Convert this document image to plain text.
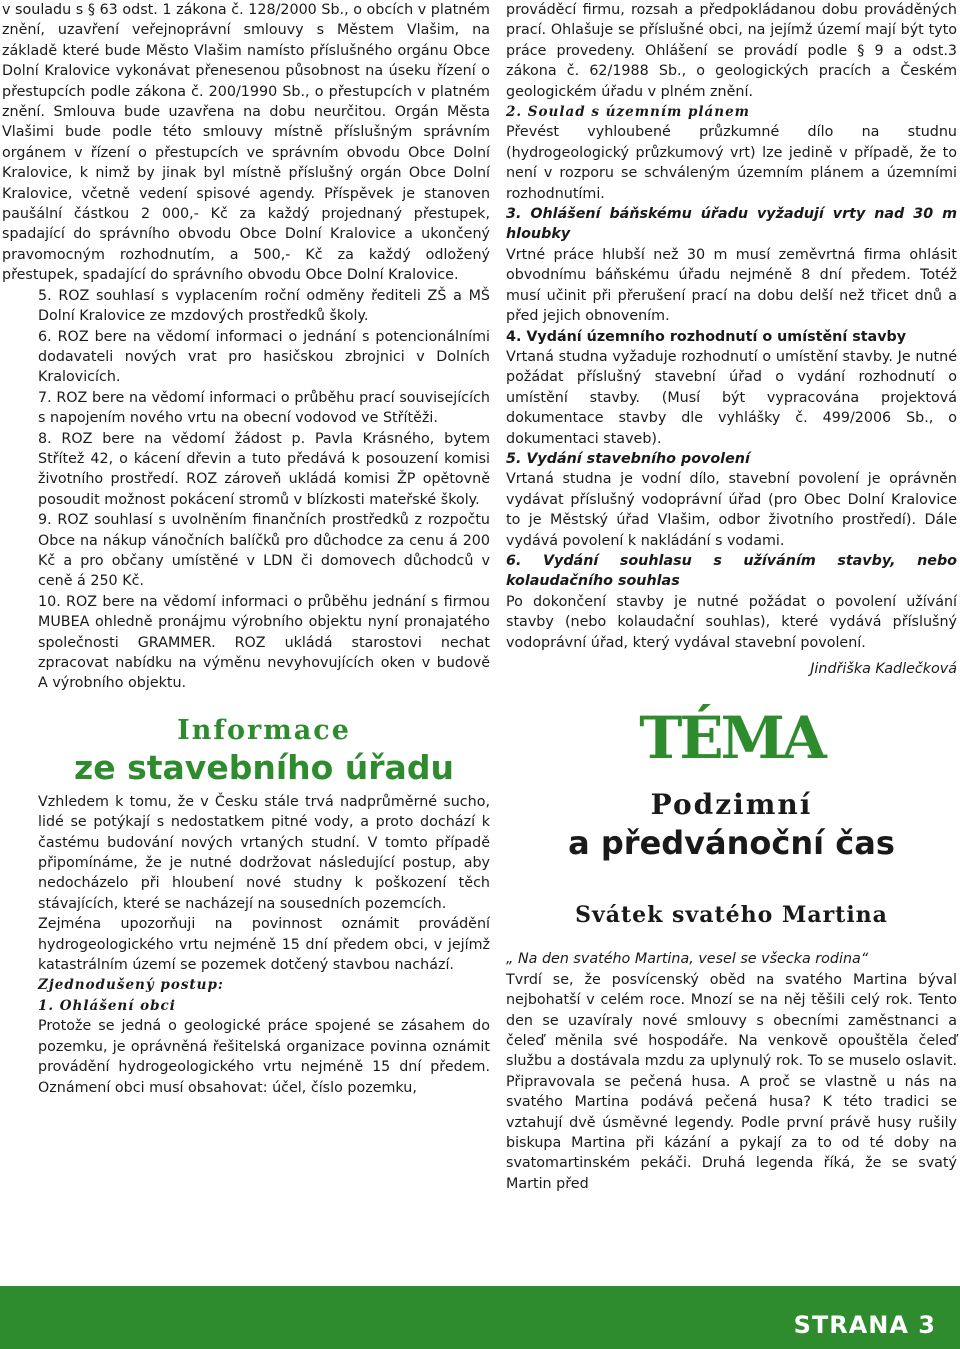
v souladu s § 63 odst. 1 zákona č. 128/2000 Sb., o obcích v platném znění, uzavření veřejnoprávní smlouvy s Městem Vlašim, na základě které bude Město Vlašim namísto příslušného orgánu Obce Dolní Kralovice vykonávat přenesenou působnost na úseku řízení o přestupcích podle zákona č. 200/1990 Sb., o přestupcích v platném znění. Smlouva bude uzavřena na dobu neurčitou. Orgán Města Vlašimi bude podle této smlouvy místně příslušným správním orgánem v řízení o přestupcích ve správním obvodu Obce Dolní Kralovice, k nimž by jinak byl místně příslušný orgán Obce Dolní Kralovice, včetně vedení spisové agendy. Příspěvek je stanoven paušální částkou 2 000,- Kč za každý projednaný přestupek, spadající do správního obvodu Obce Dolní Kralovice a ukončený pravomocným rozhodnutím, a 500,- Kč za každý odložený přestupek, spadající do správního obvodu Obce Dolní Kralovice.

5. ROZ souhlasí s vyplacením roční odměny řediteli ZŠ a MŠ Dolní Kralovice ze mzdových prostředků školy.

6. ROZ bere na vědomí informaci o jednání s potencionálními dodavateli nových vrat pro hasičskou zbrojnici v Dolních Kralovicích.

7. ROZ bere na vědomí informaci o průběhu prací souvisejících s napojením nového vrtu na obecní vodovod ve Střítěži.

8. ROZ bere na vědomí žádost p. Pavla Krásného, bytem Střítež 42, o kácení dřevin a tuto předává k posouzení komisi životního prostředí. ROZ zároveň ukládá komisi ŽP opětovně posoudit možnost pokácení stromů v blízkosti mateřské školy.

9. ROZ souhlasí s uvolněním finančních prostředků z rozpočtu Obce na nákup vánočních balíčků pro důchodce za cenu á 200 Kč a pro občany umístěné v LDN či domovech důchodců v ceně á 250 Kč.

10. ROZ bere na vědomí informaci o průběhu jednání s firmou MUBEA ohledně pronájmu výrobního objektu nyní pronajatého společnosti GRAMMER. ROZ ukládá starostovi nechat zpracovat nabídku na výměnu nevyhovujících oken v budově A výrobního objektu.

Informace
ze stavebního úřadu

Vzhledem k tomu, že v Česku stále trvá nadprůměrné sucho, lidé se potýkají s nedostatkem pitné vody, a proto dochází k častému budování nových vrtaných studní. V tomto případě připomínáme, že je nutné dodržovat následující postup, aby nedocházelo při hloubení nové studny k poškození těch stávajících, které se nacházejí na sousedních pozemcích.

Zejména upozorňuji na povinnost oznámit provádění hydrogeologického vrtu nejméně 15 dní předem obci, v jejímž katastrálním území se pozemek dotčený stavbou nachází.

Zjednodušený postup:

1. Ohlášení obci

Protože se jedná o geologické práce spojené se zásahem do pozemku, je oprávněná řešitelská organizace povinna oznámit provádění hydrogeologického vrtu nejméně 15 dní předem. Oznámení obci musí obsahovat: účel, číslo pozemku,

prováděcí firmu, rozsah a předpokládanou dobu prováděných prací. Ohlašuje se příslušné obci, na jejímž území mají být tyto práce provedeny. Ohlášení se provádí podle § 9 a odst.3 zákona č. 62/1988 Sb., o geologických pracích a Českém geologickém úřadu v plném znění.

2. Soulad s územním plánem

Převést vyhloubené průzkumné dílo na studnu (hydrogeologický průzkumový vrt) lze jedině v případě, že to není v rozporu se schváleným územním plánem a územními rozhodnutími.

3. Ohlášení báňskému úřadu vyžadují vrty nad 30 m hloubky

Vrtné práce hlubší než 30 m musí zeměvrtná firma ohlásit obvodnímu báňskému úřadu nejméně 8 dní předem. Totéž musí učinit při přerušení prací na dobu delší než třicet dnů a před jejich obnovením.

4. Vydání územního rozhodnutí o umístění stavby

Vrtaná studna vyžaduje rozhodnutí o umístění stavby. Je nutné požádat příslušný stavební úřad o vydání rozhodnutí o umístění stavby. (Musí být vypracována projektová dokumentace stavby dle vyhlášky č. 499/2006 Sb., o dokumentaci staveb).

5. Vydání stavebního povolení

Vrtaná studna je vodní dílo, stavební povolení je oprávněn vydávat příslušný vodoprávní úřad (pro Obec Dolní Kralovice to je Městský úřad Vlašim, odbor životního prostředí). Dále vydává povolení k nakládání s vodami.

6. Vydání souhlasu s užíváním stavby, nebo kolaudačního souhlas

Po dokončení stavby je nutné požádat o povolení užívání stavby (nebo kolaudační souhlas), které vydává příslušný vodoprávní úřad, který vydával stavební povolení.

Jindřiška Kadlečková

TÉMA
Podzimní
a předvánoční čas
Svátek svatého Martina

„ Na den svatého Martina, vesel se všecka rodina“

Tvrdí se, že posvícenský oběd na svatého Martina býval nejbohatší v celém roce. Mnozí se na něj těšili celý rok. Tento den se uzavíraly nové smlouvy s obecními zaměstnanci a čeleď měnila své hospodáře. Na venkově opouštěla čeleď službu a dostávala mzdu za uplynulý rok. To se muselo oslavit. Připravovala se pečená husa. A proč se vlastně u nás na svatého Martina podává pečená husa? K této tradici se vztahují dvě úsměvné legendy. Podle první právě husy rušily biskupa Martina při kázání a pykají za to od té doby na svatomartinském pekáči. Druhá legenda říká, že se svatý Martin před

STRANA 3
